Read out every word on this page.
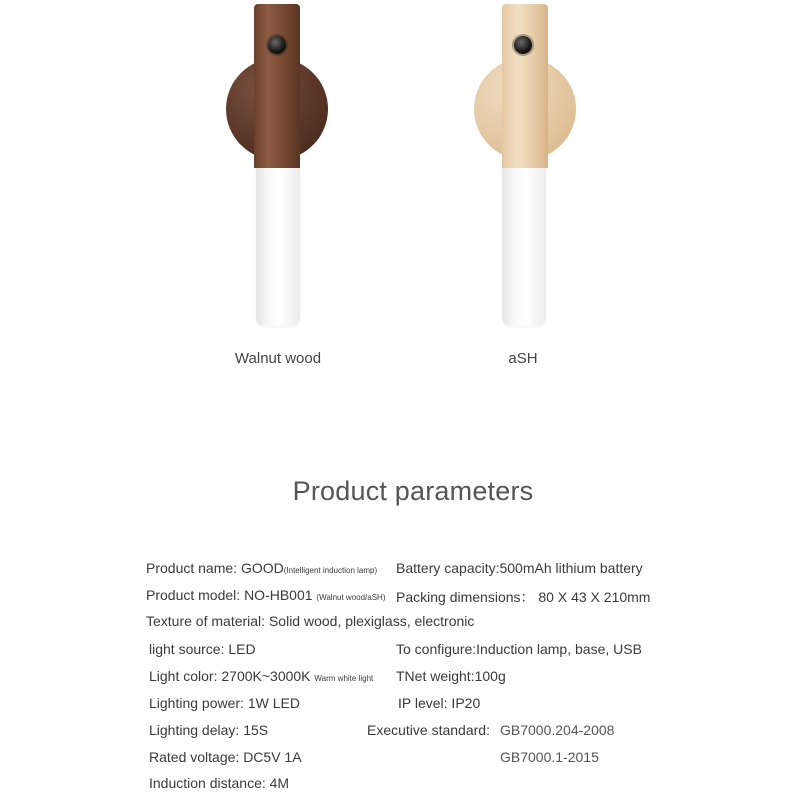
Walnut wood	aSH
Product parameters
Product name: GOOD(Intelligent induction lamp)
Product model: NO-HB001 (Walnut wood/aSH)
Texture of material: Solid wood, plexiglass, electronic
light source: LED
Light color: 2700K~3000K Warm white light
Lighting power: 1W LED
Lighting delay: 15S
Rated voltage: DC5V 1A
Induction distance: 4M
Battery capacity:500mAh lithium battery
Packing dimensions： 80 X 43 X 210mm
To configure:Induction lamp, base, USB
TNet weight:100g
IP level: IP20
Executive standard: GB7000.204-2008
GB7000.1-2015
